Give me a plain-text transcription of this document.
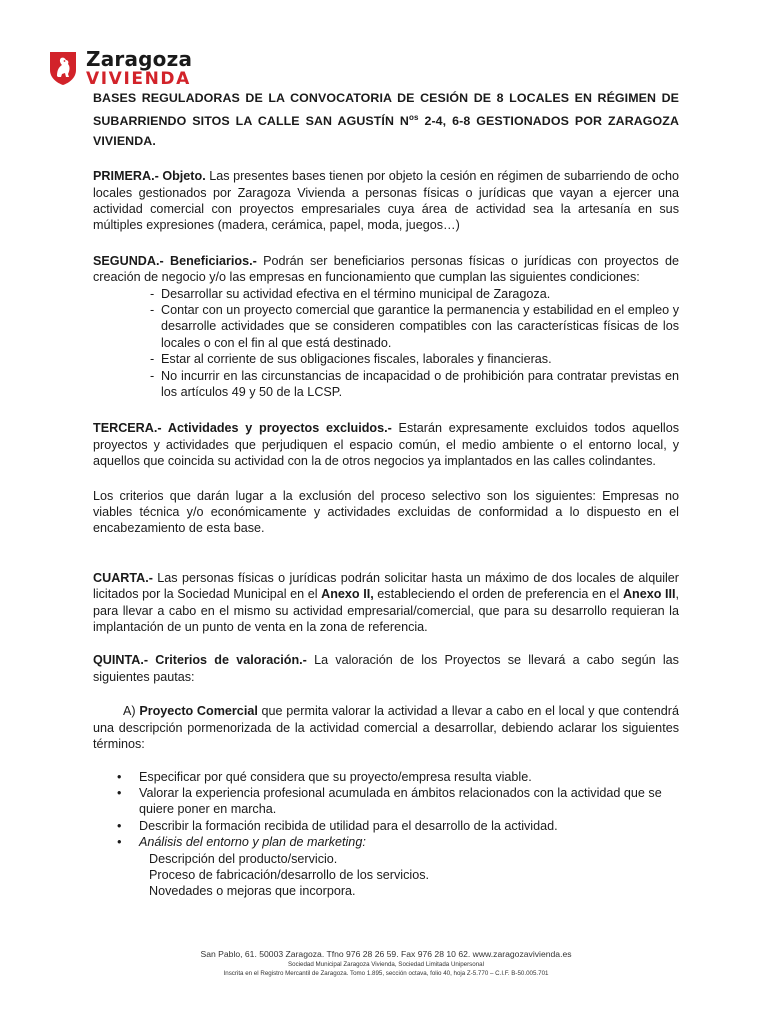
Zaragoza
VIVIENDA

BASES REGULADORAS DE LA CONVOCATORIA DE CESIÓN DE 8 LOCALES EN RÉGIMEN DE SUBARRIENDO SITOS LA CALLE SAN AGUSTÍN $N^{os}$ 2-4, 6-8 GESTIONADOS POR ZARAGOZA VIVIENDA.

PRIMERA.- Objeto. Las presentes bases tienen por objeto la cesión en régimen de subarriendo de ocho locales gestionados por Zaragoza Vivienda a personas físicas o jurídicas que vayan a ejercer una actividad comercial con proyectos empresariales cuya área de actividad sea la artesanía en sus múltiples expresiones (madera, cerámica, papel, moda, juegos…)

SEGUNDA.- Beneficiarios.- Podrán ser beneficiarios personas físicas o jurídicas con proyectos de creación de negocio y/o las empresas en funcionamiento que cumplan las siguientes condiciones:

- Desarrollar su actividad efectiva en el término municipal de Zaragoza.
- Contar con un proyecto comercial que garantice la permanencia y estabilidad en el empleo y desarrolle actividades que se consideren compatibles con las características físicas de los locales o con el fin al que está destinado.
- Estar al corriente de sus obligaciones fiscales, laborales y financieras.
- No incurrir en las circunstancias de incapacidad o de prohibición para contratar previstas en los artículos 49 y 50 de la LCSP.

TERCERA.- Actividades y proyectos excluidos.- Estarán expresamente excluidos todos aquellos proyectos y actividades que perjudiquen el espacio común, el medio ambiente o el entorno local, y aquellos que coincida su actividad con la de otros negocios ya implantados en las calles colindantes.

Los criterios que darán lugar a la exclusión del proceso selectivo son los siguientes: Empresas no viables técnica y/o económicamente y actividades excluidas de conformidad a lo dispuesto en el encabezamiento de esta base.

CUARTA.- Las personas físicas o jurídicas podrán solicitar hasta un máximo de dos locales de alquiler licitados por la Sociedad Municipal en el Anexo II, estableciendo el orden de preferencia en el Anexo III, para llevar a cabo en el mismo su actividad empresarial/comercial, que para su desarrollo requieran la implantación de un punto de venta en la zona de referencia.

QUINTA.- Criterios de valoración.- La valoración de los Proyectos se llevará a cabo según las siguientes pautas:

A) Proyecto Comercial que permita valorar la actividad a llevar a cabo en el local y que contendrá una descripción pormenorizada de la actividad comercial a desarrollar, debiendo aclarar los siguientes términos:

• Especificar por qué considera que su proyecto/empresa resulta viable.
• Valorar la experiencia profesional acumulada en ámbitos relacionados con la actividad que se quiere poner en marcha.
• Describir la formación recibida de utilidad para el desarrollo de la actividad.
• Análisis del entorno y plan de marketing:
Descripción del producto/servicio.
Proceso de fabricación/desarrollo de los servicios.
Novedades o mejoras que incorpora.
San Pablo, 61. 50003 Zaragoza. Tfno 976 28 26 59. Fax 976 28 10 62. www.zaragozavivienda.es
Sociedad Municipal Zaragoza Vivienda, Sociedad Limitada Unipersonal
Inscrita en el Registro Mercantil de Zaragoza. Tomo 1.895, sección octava, folio 40, hoja Z-5.770 – C.I.F. B-50.005.701
